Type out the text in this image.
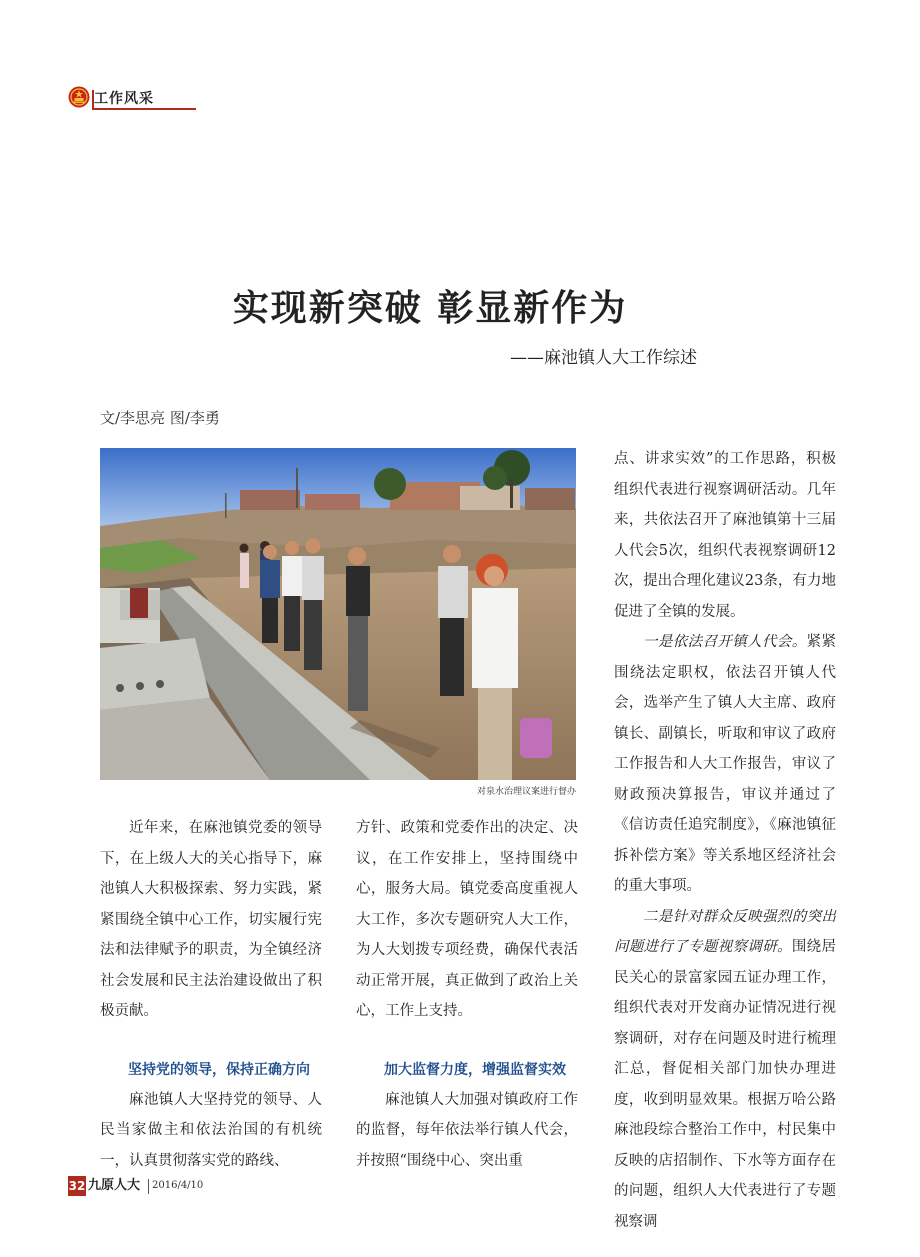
工作风采
实现新突破 彰显新作为
——麻池镇人大工作综述
文/李思亮 图/李勇
对泉水治理议案进行督办

近年来，在麻池镇党委的领导下，在上级人大的关心指导下，麻池镇人大积极探索、努力实践，紧紧围绕全镇中心工作，切实履行宪法和法律赋予的职责，为全镇经济社会发展和民主法治建设做出了积极贡献。

坚持党的领导，保持正确方向

麻池镇人大坚持党的领导、人民当家做主和依法治国的有机统一，认真贯彻落实党的路线、

方针、政策和党委作出的决定、决议，在工作安排上，坚持围绕中心，服务大局。镇党委高度重视人大工作，多次专题研究人大工作，为人大划拨专项经费，确保代表活动正常开展，真正做到了政治上关心，工作上支持。

加大监督力度，增强监督实效

麻池镇人大加强对镇政府工作的监督，每年依法举行镇人代会，并按照“围绕中心、突出重

点、讲求实效”的工作思路，积极组织代表进行视察调研活动。几年来，共依法召开了麻池镇第十三届人代会5次，组织代表视察调研12次，提出合理化建议23条，有力地促进了全镇的发展。

一是依法召开镇人代会。紧紧围绕法定职权，依法召开镇人代会，选举产生了镇人大主席、政府镇长、副镇长，听取和审议了政府工作报告和人大工作报告，审议了财政预决算报告，审议并通过了《信访责任追究制度》，《麻池镇征拆补偿方案》等关系地区经济社会的重大事项。

二是针对群众反映强烈的突出问题进行了专题视察调研。围绕居民关心的景富家园五证办理工作，组织代表对开发商办证情况进行视察调研，对存在问题及时进行梳理汇总，督促相关部门加快办理进度，收到明显效果。根据万哈公路麻池段综合整治工作中，村民集中反映的店招制作、下水等方面存在的问题，组织人大代表进行了专题视察调

32 九原人大 2016/4/10
